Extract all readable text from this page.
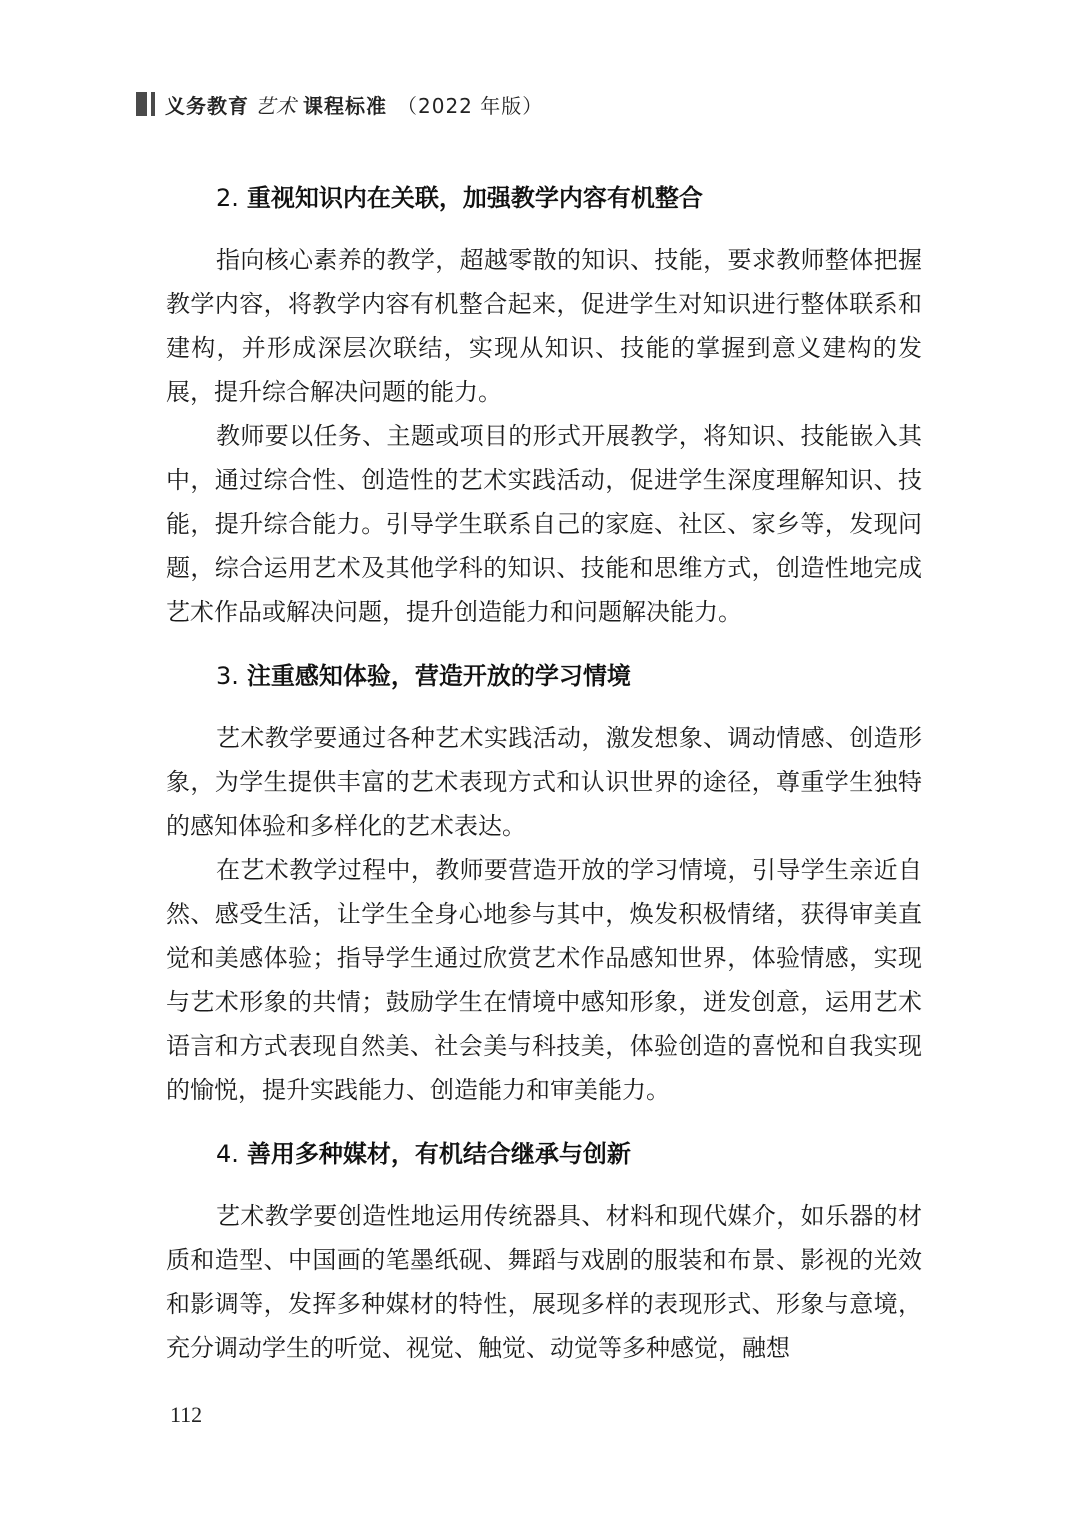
义务教育 艺术 课程标准 （2022 年版）
2. 重视知识内在关联，加强教学内容有机整合

指向核心素养的教学，超越零散的知识、技能，要求教师整体把握教学内容，将教学内容有机整合起来，促进学生对知识进行整体联系和建构，并形成深层次联结，实现从知识、技能的掌握到意义建构的发展，提升综合解决问题的能力。

教师要以任务、主题或项目的形式开展教学，将知识、技能嵌入其中，通过综合性、创造性的艺术实践活动，促进学生深度理解知识、技能，提升综合能力。引导学生联系自己的家庭、社区、家乡等，发现问题，综合运用艺术及其他学科的知识、技能和思维方式，创造性地完成艺术作品或解决问题，提升创造能力和问题解决能力。

3. 注重感知体验，营造开放的学习情境

艺术教学要通过各种艺术实践活动，激发想象、调动情感、创造形象，为学生提供丰富的艺术表现方式和认识世界的途径，尊重学生独特的感知体验和多样化的艺术表达。

在艺术教学过程中，教师要营造开放的学习情境，引导学生亲近自然、感受生活，让学生全身心地参与其中，焕发积极情绪，获得审美直觉和美感体验；指导学生通过欣赏艺术作品感知世界，体验情感，实现与艺术形象的共情；鼓励学生在情境中感知形象，迸发创意，运用艺术语言和方式表现自然美、社会美与科技美，体验创造的喜悦和自我实现的愉悦，提升实践能力、创造能力和审美能力。

4. 善用多种媒材，有机结合继承与创新

艺术教学要创造性地运用传统器具、材料和现代媒介，如乐器的材质和造型、中国画的笔墨纸砚、舞蹈与戏剧的服装和布景、影视的光效和影调等，发挥多种媒材的特性，展现多样的表现形式、形象与意境，充分调动学生的听觉、视觉、触觉、动觉等多种感觉，融想

112
